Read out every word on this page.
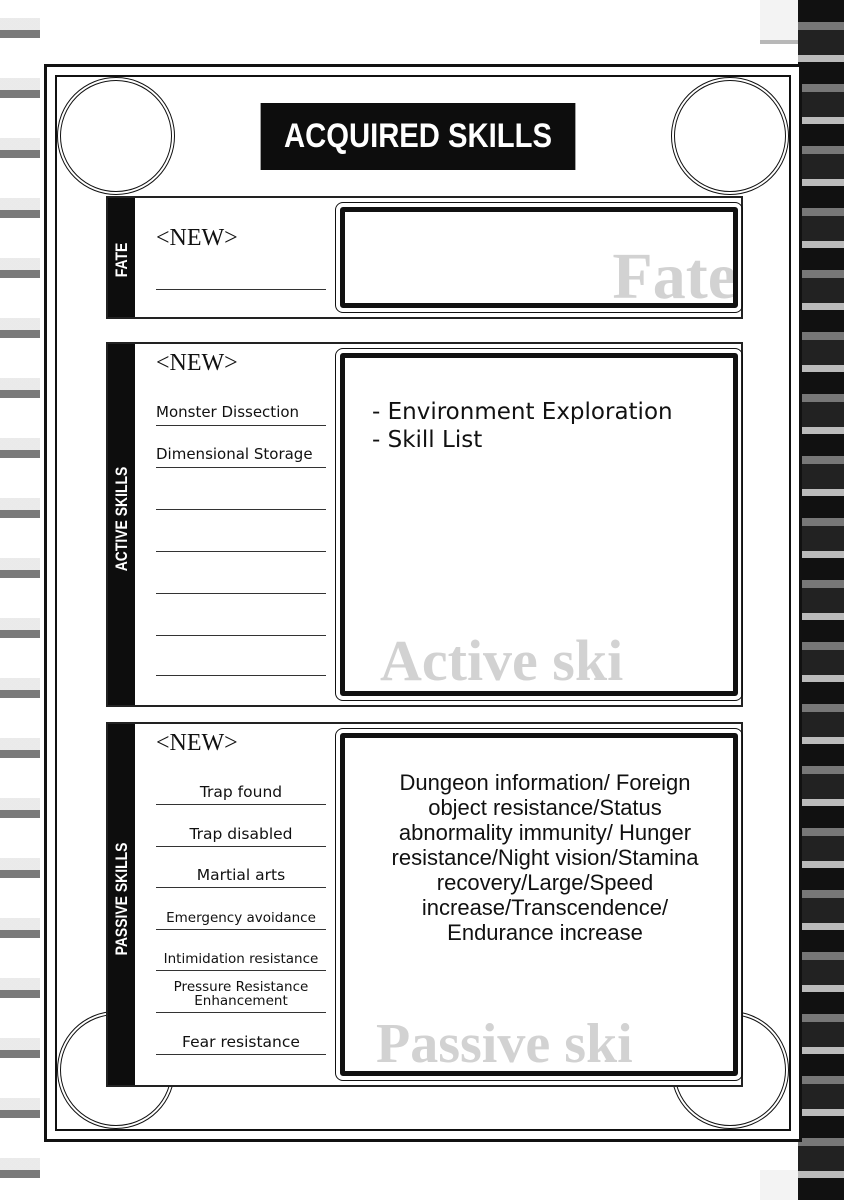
ACQUIRED SKILLS
FATE
<NEW>
Fate
ACTIVE SKILLS
<NEW>
Monster Dissection
Dimensional Storage
Active ski
- Environment Exploration
- Skill List
PASSIVE SKILLS
<NEW>
Trap found
Trap disabled
Martial arts
Emergency avoidance
Intimidation resistance
Pressure Resistance Enhancement
Fear resistance	Passive ski
Dungeon information/ Foreign object resistance/Status abnormality immunity/ Hunger resistance/Night vision/Stamina recovery/Large/Speed increase/Transcendence/ Endurance increase
